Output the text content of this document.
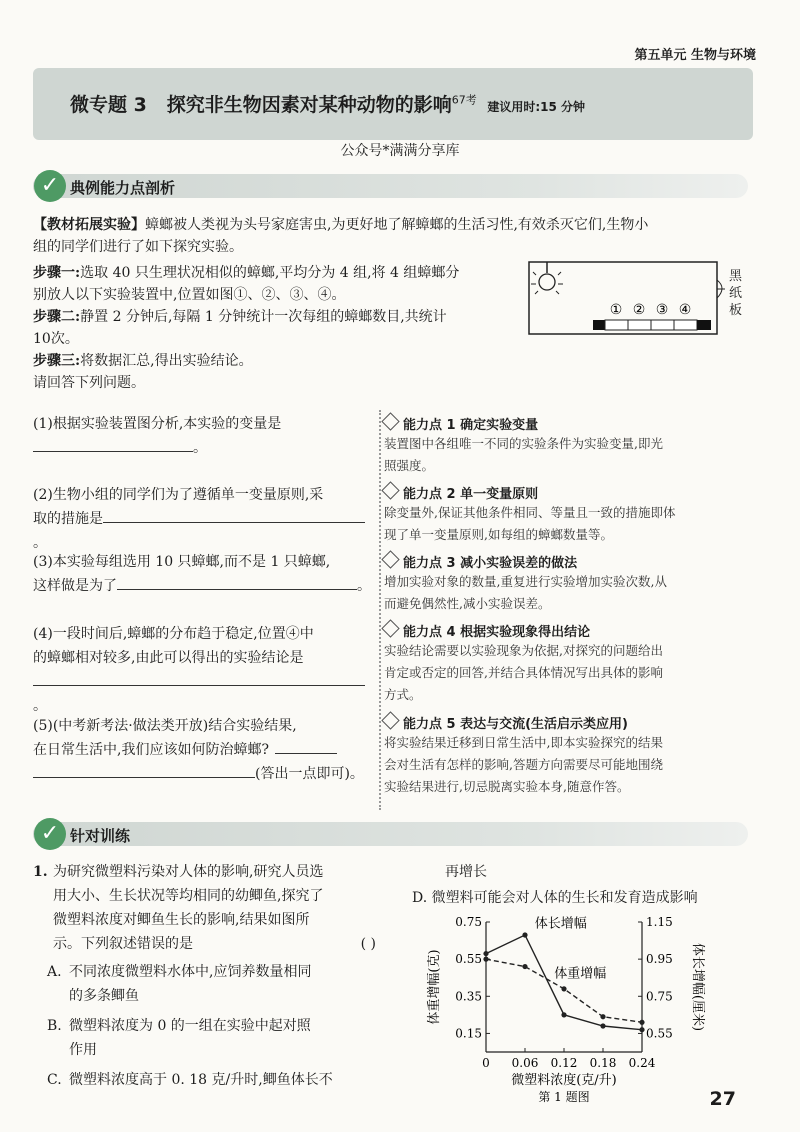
第五单元 生物与环境
微专题 3 探究非生物因素对某种动物的影响$^{67考}$ 建议用时:15 分钟
公众号*满满分享库
✓ 典例能力点剖析
【教材拓展实验】蟑螂被人类视为头号家庭害虫,为更好地了解蟑螂的生活习性,有效杀灭它们,生物小
组的同学们进行了如下探究实验。
步骤一:选取 40 只生理状况相似的蟑螂,平均分为 4 组,将 4 组蟑螂分
别放人以下实验装置中,位置如图①、②、③、④。
步骤二:静置 2 分钟后,每隔 1 分钟统计一次每组的蟑螂数目,共统计
10次。
步骤三:将数据汇总,得出实验结论。
请回答下列问题。
① ② ③ ④
黑纸板
(1)根据实验装置图分析,本实验的变量是
。
(2)生物小组的同学们为了遵循单一变量原则,采
取的措施是。
(3)本实验每组选用 10 只蟑螂,而不是 1 只蟑螂,
这样做是为了	。
(4)一段时间后,蟑螂的分布趋于稳定,位置④中
的蟑螂相对较多,由此可以得出的实验结论是
。
(5)(中考新考法·做法类开放)结合实验结果,
在日常生活中,我们应该如何防治蟑螂?
(答出一点即可)。
能力点 1 确定实验变量
装置图中各组唯一不同的实验条件为实验变量,即光
照强度。
能力点 2 单一变量原则
除变量外,保证其他条件相同、等量且一致的措施即体
现了单一变量原则,如每组的蟑螂数量等。
能力点 3 减小实验误差的做法
增加实验对象的数量,重复进行实验增加实验次数,从
而避免偶然性,减小实验误差。
能力点 4 根据实验现象得出结论
实验结论需要以实验现象为依据,对探究的问题给出
肯定或否定的回答,并结合具体情况写出具体的影响
方式。
能力点 5 表达与交流(生活启示类应用)
将实验结果迁移到日常生活中,即本实验探究的结果
会对生活有怎样的影响,答题方向需要尽可能地围绕
实验结果进行,切忌脱离实验本身,随意作答。
✓ 针对训练
1. 为研究微塑料污染对人体的影响,研究人员选
用大小、生长状况等均相同的幼鲫鱼,探究了
微塑料浓度对鲫鱼生长的影响,结果如图所
示。下列叙述错误的是	( )
A. 不同浓度微塑料水体中,应饲养数量相同
的多条鲫鱼
B. 微塑料浓度为 0 的一组在实验中起对照
作用
C. 微塑料浓度高于 0. 18 克/升时,鲫鱼体长不
再增长
D. 微塑料可能会对人体的生长和发育造成影响
0 0.06 0.12 0.18 0.24
0.75
0.55
0.35
0.15
1.15
0.95
0.75
0.55
体长增幅
体重增幅
体重增幅(克)	体长增幅(厘米)
微塑料浓度(克/升)
第 1 题图	27
